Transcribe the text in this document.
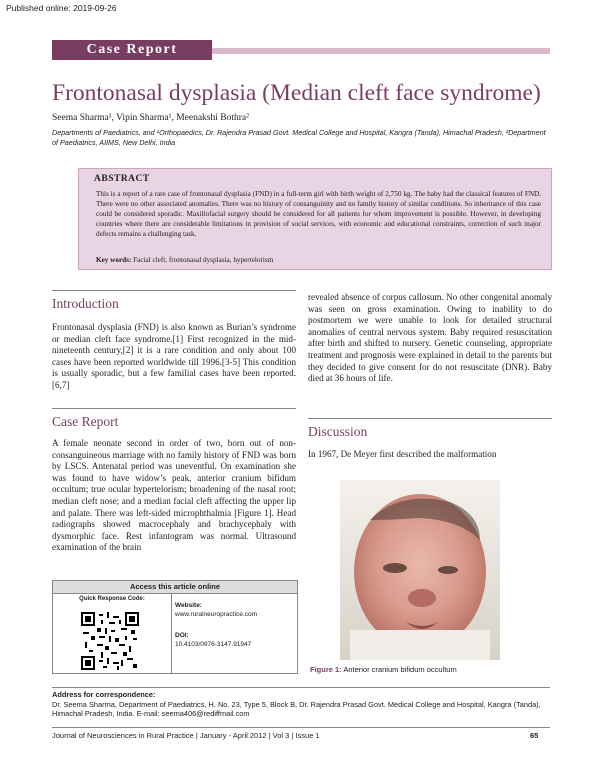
Published online: 2019-09-26
Case Report
Frontonasal dysplasia (Median cleft face syndrome)
Seema Sharma¹, Vipin Sharma¹, Meenakshi Bothra²
Departments of Paediatrics, and ¹Orthopaedics, Dr. Rajendra Prasad Govt. Medical College and Hospital, Kangra (Tanda), Himachal Pradesh, ²Department of Paediatrics, AIIMS, New Delhi, India
ABSTRACT
This is a report of a rare case of frontonasal dysplasia (FND) in a full-term girl with birth weight of 2,750 kg. The baby had the classical features of FND. There were no other associated anomalies. There was no history of consanguinity and no family history of similar conditions. So inheritance of this case could be considered sporadic. Maxillofacial surgery should be considered for all patients for whom improvement is possible. However, in developing countries where there are considerable limitations in provision of social services, with economic and educational constraints, correction of such major defects remains a challenging task.
Key words: Facial cleft, frontonasal dysplasia, hypertelorism
Introduction
Frontonasal dysplasia (FND) is also known as Burian’s syndrome or median cleft face syndrome.[1] First recognized in the mid-nineteenth century,[2] it is a rare condition and only about 100 cases have been reported worldwide till 1996.[3-5] This condition is usually sporadic, but a few familial cases have been reported.[6,7]
Case Report
A female neonate second in order of two, born out of non-consanguineous marriage with no family history of FND was born by LSCS. Antenatal period was uneventful. On examination she was found to have widow’s peak, anterior cranium bifidum occultum; true ocular hypertelorism; broadening of the nasal root; median cleft nose; and a median facial cleft affecting the upper lip and palate. There was left-sided microphthalmia [Figure 1]. Head radiographs showed macrocephaly and brachycephaly with dysmorphic face. Rest infantogram was normal. Ultrasound examination of the brain
revealed absence of corpus callosum. No other congenital anomaly was seen on gross examination. Owing to inability to do postmortem we were unable to look for detailed structural anomalies of central nervous system. Baby required resuscitation after birth and shifted to nursery. Genetic counseling, appropriate treatment and prognosis were explained in detail to the parents but they decided to give consent for do not resuscitate (DNR). Baby died at 36 hours of life.
Discussion
In 1967, De Meyer first described the malformation
Figure 1: Anterior cranium bifidum occultum
Access this article online
Quick Response Code:
Website:
www.ruralneuropractice.com
DOI:
10.4103/0976-3147.91947
Address for correspondence:
Dr. Seema Sharma, Department of Paediatrics, H. No. 23, Type 5, Block B, Dr. Rajendra Prasad Govt. Medical College and Hospital, Kangra (Tanda), Himachal Pradesh, India. E-mail: seema406@rediffmail.com
Journal of Neurosciences in Rural Practice | January - April 2012 | Vol 3 | Issue 1	65
